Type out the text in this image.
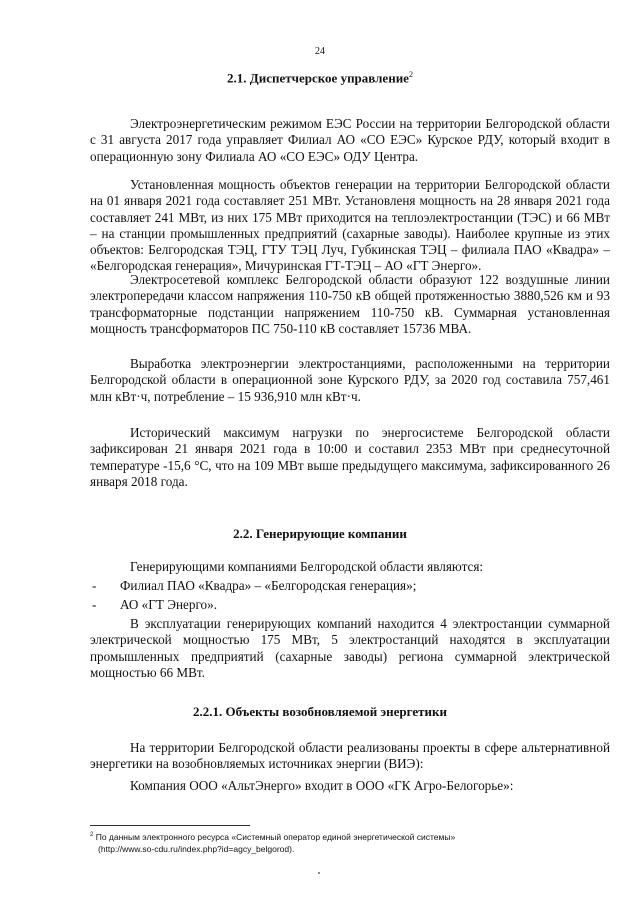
24
2.1. Диспетчерское управление$^2$
Электроэнергетическим режимом ЕЭС России на территории Белгородской области с 31 августа 2017 года управляет Филиал АО «СО ЕЭС» Курское РДУ, который входит в операционную зону Филиала АО «СО ЕЭС» ОДУ Центра.
Установленная мощность объектов генерации на территории Белгородской области на 01 января 2021 года составляет 251 МВт. Установленя мощность на 28 января 2021 года составляет 241 МВт, из них 175 МВт приходится на теплоэлектростанции (ТЭС) и 66 МВт – на станции промышленных предприятий (сахарные заводы). Наиболее крупные из этих объектов: Белгородская ТЭЦ, ГТУ ТЭЦ Луч, Губкинская ТЭЦ – филиала ПАО «Квадра» – «Белгородская генерация», Мичуринская ГТ-ТЭЦ – АО «ГТ Энерго».
Электросетевой комплекс Белгородской области образуют 122 воздушные линии электропередачи классом напряжения 110-750 кВ общей протяженностью 3880,526 км и 93 трансформаторные подстанции напряжением 110-750 кВ. Суммарная установленная мощность трансформаторов ПС 750-110 кВ составляет 15736 МВА.
Выработка электроэнергии электростанциями, расположенными на территории Белгородской области в операционной зоне Курского РДУ, за 2020 год составила 757,461 млн кВт·ч, потребление – 15 936,910 млн кВт·ч.
Исторический максимум нагрузки по энергосистеме Белгородской области зафиксирован 21 января 2021 года в 10:00 и составил 2353 МВт при среднесуточной температуре -15,6 °С, что на 109 МВт выше предыдущего максимума, зафиксированного 26 января 2018 года.
2.2. Генерирующие компании
Генерирующими компаниями Белгородской области являются:
- Филиал ПАО «Квадра» – «Белгородская генерация»;
- АО «ГТ Энерго».
В эксплуатации генерирующих компаний находится 4 электростанции суммарной электрической мощностью 175 МВт, 5 электростанций находятся в эксплуатации промышленных предприятий (сахарные заводы) региона суммарной электрической мощностью 66 МВт.
2.2.1. Объекты возобновляемой энергетики
На территории Белгородской области реализованы проекты в сфере альтернативной энергетики на возобновляемых источниках энергии (ВИЭ):
Компания ООО «АльтЭнерго» входит в ООО «ГК Агро-Белогорье»:
$^2$ По данным электронного ресурса «Системный оператор единой энергетической системы»
(http://www.so-cdu.ru/index.php?id=agcy_belgorod).
